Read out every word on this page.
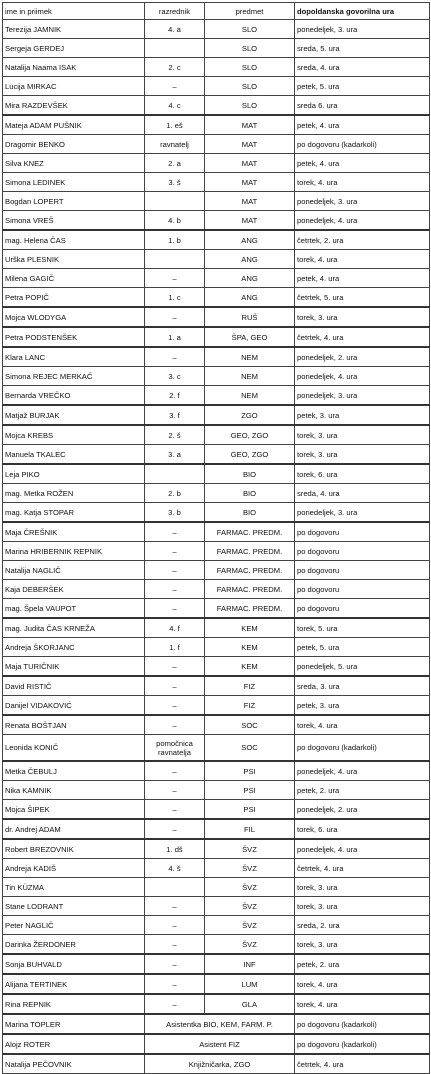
ime in priimek	razrednik	predmet	dopoldanska govorilna ura
Terezija JAMNIK	4. a	SLO	ponedeljek, 3. ura
Sergeja GERDEJ		SLO	sreda, 5. ura
Natalija Naama ISAK	2. c	SLO	sreda, 4. ura
Lucija MIRKAC	–	SLO	petek, 5. ura
Mira RAZDEVŠEK	4. c	SLO	sreda 6. ura
Mateja ADAM PUŠNIK	1. eš	MAT	petek, 4. ura
Dragomir BENKO	ravnatelj	MAT	po dogovoru (kadarkoli)
Silva KNEZ	2. a	MAT	petek, 4. ura
Simona LEDINEK	3. š	MAT	torek, 4. ura
Bogdan LOPERT		MAT	ponedeljek, 3. ura
Simona VREŠ	4. b	MAT	ponedeljek, 4. ura
mag. Helena ČAS	1. b	ANG	četrtek, 2. ura
Urška PLESNIK		ANG	torek, 4. ura
Milena GAGIČ	–	ANG	petek, 4. ura
Petra POPIČ	1. c	ANG	četrtek, 5. ura
Mojca WLODYGA	–	RUŠ	torek, 3. ura
Petra PODSTENŠEK	1. a	ŠPA, GEO	četrtek, 4. ura
Klara LANC	–	NEM	ponedeljek, 2. ura
Simona REJEC MERKAČ	3. c	NEM	ponedeljek, 4. ura
Bernarda VREČKO	2. f	NEM	ponedeljek, 3. ura
Matjaž BURJAK	3. f	ZGO	petek, 3. ura
Mojca KREBS	2. š	GEO, ZGO	torek, 3. ura
Manuela TKALEC	3. a	GEO, ZGO	torek, 3. ura
Leja PIKO		BIO	torek, 6. ura
mag. Metka ROŽEN	2. b	BIO	sreda, 4. ura
mag. Katja STOPAR	3. b	BIO	ponedeljek, 3. ura
Maja ČREŠNIK	–	FARMAC. PREDM.	po dogovoru
Marina HRIBERNIK REPNIK	–	FARMAC. PREDM.	po dogovoru
Natalija NAGLIČ	–	FARMAC. PREDM.	po dogovoru
Kaja DEBERŠEK	–	FARMAC. PREDM.	po dogovoru
mag. Špela VAUPOT	–	FARMAC. PREDM.	po dogovoru
mag. Judita ČAS KRNEŽA	4. f	KEM	torek, 5. ura
Andreja ŠKORJANC	1. f	KEM	petek, 5. ura
Maja TURIČNIK	–	KEM	ponedeljek, 5. ura
David RISTIČ	–	FIZ	sreda, 3. ura
Danijel VIDAKOVIĆ	–	FIZ	petek, 3. ura
Renata BOŠTJAN	–	SOC	torek, 4. ura
Leonida KONIČ	pomočnica ravnatelja	SOC	po dogovoru (kadarkoli)
Metka ČEBULJ	–	PSI	ponedeljek, 4. ura
Nika KAMNIK	–	PSI	petek, 2. ura
Mojca ŠIPEK	–	PSI	ponedeljek, 2. ura
dr. Andrej ADAM	–	FIL	torek, 6. ura
Robert BREZOVNIK	1. dš	ŠVZ	ponedeljek, 4. ura
Andreja KADIŠ	4. š	ŠVZ	četrtek, 4. ura
Tin KÜZMA		ŠVZ	torek, 3. ura
Stane LODRANT	–	ŠVZ	torek, 3. ura
Peter NAGLIČ	–	ŠVZ	sreda, 2. ura
Darinka ŽERDONER	–	ŠVZ	torek, 3. ura
Sonja BUHVALD	–	INF	petek, 2. ura
Alijana TERTINEK	–	LUM	torek, 4. ura
Rina REPNIK	–	GLA	torek, 4. ura
Marina TOPLER	Asistentka BIO, KEM, FARM. P.		po dogovoru (kadarkoli)
Alojz ROTER	Asistent FIZ		po dogovoru (kadarkoli)
Natalija PEČOVNIK	Knjižničarka, ZGO		četrtek, 4. ura
